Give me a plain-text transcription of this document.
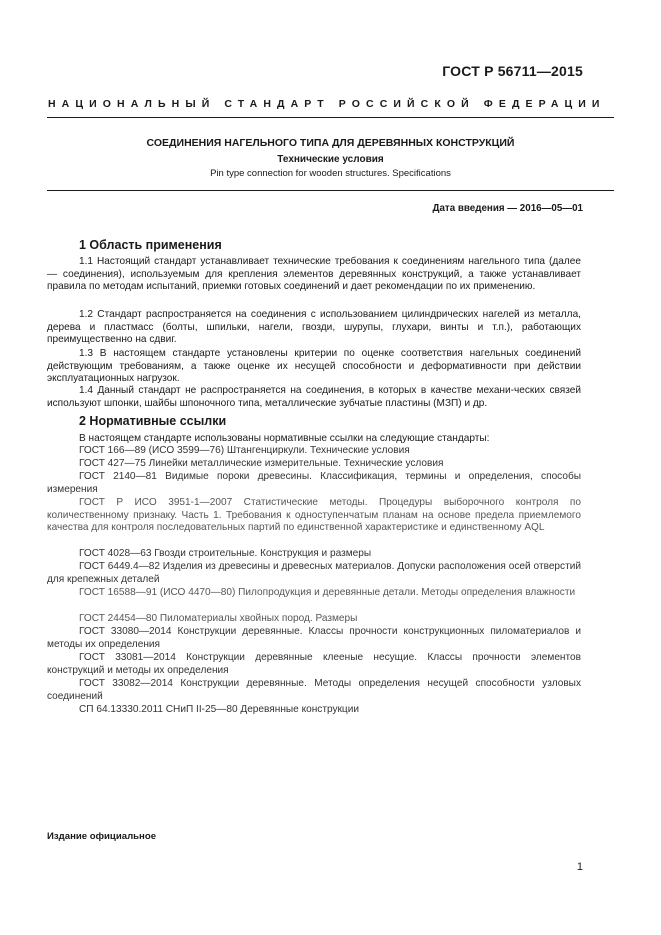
ГОСТ Р 56711—2015
НАЦИОНАЛЬНЫЙ СТАНДАРТ РОССИЙСКОЙ ФЕДЕРАЦИИ
СОЕДИНЕНИЯ НАГЕЛЬНОГО ТИПА ДЛЯ ДЕРЕВЯННЫХ КОНСТРУКЦИЙ
Технические условия
Pin type connection for wooden structures. Specifications
Дата введения — 2016—05—01
1 Область применения

1.1 Настоящий стандарт устанавливает технические требования к соединениям нагельного типа (далее — соединения), используемым для крепления элементов деревянных конструкций, а также устанавливает правила по методам испытаний, приемки готовых соединений и дает рекомендации по их применению.

1.2 Стандарт распространяется на соединения с использованием цилиндрических нагелей из металла, дерева и пластмасс (болты, шпильки, нагели, гвозди, шурупы, глухари, винты и т.п.), работающих преимущественно на сдвиг.

1.3 В настоящем стандарте установлены критерии по оценке соответствия нагельных соединений действующим требованиям, а также оценке их несущей способности и деформативности при действии эксплуатационных нагрузок.

1.4 Данный стандарт не распространяется на соединения, в которых в качестве механи-ческих связей используют шпонки, шайбы шпоночного типа, металлические зубчатые пластины (МЗП) и др.

2 Нормативные ссылки

В настоящем стандарте использованы нормативные ссылки на следующие стандарты:

ГОСТ 166—89 (ИСО 3599—76) Штангенциркули. Технические условия

ГОСТ 427—75 Линейки металлические измерительные. Технические условия

ГОСТ 2140—81 Видимые пороки древесины. Классификация, термины и определения, способы измерения

ГОСТ Р ИСО 3951-1—2007 Статистические методы. Процедуры выборочного контроля по количественному признаку. Часть 1. Требования к одноступенчатым планам на основе предела приемлемого качества для контроля последовательных партий по единственной характеристике и единственному AQL

ГОСТ 4028—63 Гвозди строительные. Конструкция и размеры

ГОСТ 6449.4—82 Изделия из древесины и древесных материалов. Допуски расположения осей отверстий для крепежных деталей

ГОСТ 16588—91 (ИСО 4470—80) Пилопродукция и деревянные детали. Методы определения влажности

ГОСТ 24454—80 Пиломатериалы хвойных пород. Размеры

ГОСТ 33080—2014 Конструкции деревянные. Классы прочности конструкционных пиломатериалов и методы их определения

ГОСТ 33081—2014 Конструкции деревянные клееные несущие. Классы прочности элементов конструкций и методы их определения

ГОСТ 33082—2014 Конструкции деревянные. Методы определения несущей способности узловых соединений

СП 64.13330.2011 СНиП II-25—80 Деревянные конструкции

Издание официальное
1
